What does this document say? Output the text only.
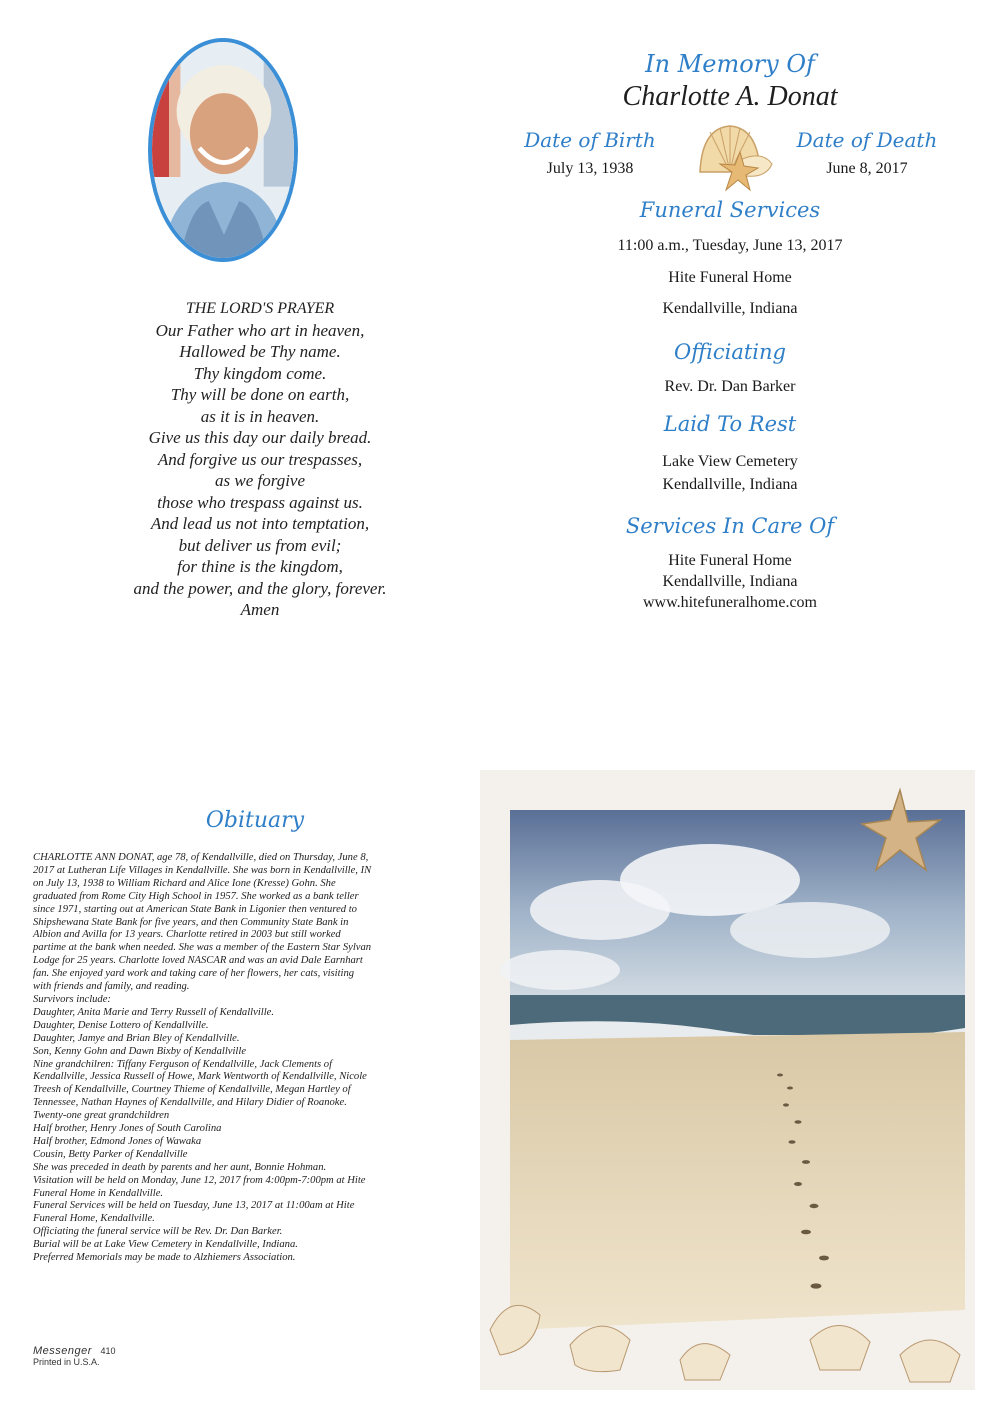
THE LORD'S PRAYER
Our Father who art in heaven,
Hallowed be Thy name.
Thy kingdom come.
Thy will be done on earth,
as it is in heaven.
Give us this day our daily bread.
And forgive us our trespasses,
as we forgive
those who trespass against us.
And lead us not into temptation,
but deliver us from evil;
for thine is the kingdom,
and the power, and the glory, forever.
Amen
In Memory Of
Charlotte A. Donat
Date of Birth
July 13, 1938
Date of Death
June 8, 2017
Funeral Services
11:00 a.m., Tuesday, June 13, 2017
Hite Funeral Home
Kendallville, Indiana
Officiating
Rev. Dr. Dan Barker
Laid To Rest
Lake View Cemetery
Kendallville, Indiana
Services In Care Of
Hite Funeral Home
Kendallville, Indiana
www.hitefuneralhome.com
Obituary
CHARLOTTE ANN DONAT, age 78, of Kendallville, died on Thursday, June 8,
2017 at Lutheran Life Villages in Kendallville. She was born in Kendallville, IN
on July 13, 1938 to William Richard and Alice Ione (Kresse) Gohn. She
graduated from Rome City High School in 1957. She worked as a bank teller
since 1971, starting out at American State Bank in Ligonier then ventured to
Shipshewana State Bank for five years, and then Community State Bank in
Albion and Avilla for 13 years. Charlotte retired in 2003 but still worked
partime at the bank when needed. She was a member of the Eastern Star Sylvan
Lodge for 25 years. Charlotte loved NASCAR and was an avid Dale Earnhart
fan. She enjoyed yard work and taking care of her flowers, her cats, visiting
with friends and family, and reading.
Survivors include:
Daughter, Anita Marie and Terry Russell of Kendallville.
Daughter, Denise Lottero of Kendallville.
Daughter, Jamye and Brian Bley of Kendallville.
Son, Kenny Gohn and Dawn Bixby of Kendallville
Nine grandchilren: Tiffany Ferguson of Kendallville, Jack Clements of
Kendallville, Jessica Russell of Howe, Mark Wentworth of Kendallville, Nicole
Treesh of Kendallville, Courtney Thieme of Kendallville, Megan Hartley of
Tennessee, Nathan Haynes of Kendallville, and Hilary Didier of Roanoke.
Twenty-one great grandchildren
Half brother, Henry Jones of South Carolina
Half brother, Edmond Jones of Wawaka
Cousin, Betty Parker of Kendallville
She was preceded in death by parents and her aunt, Bonnie Hohman.
Visitation will be held on Monday, June 12, 2017 from 4:00pm-7:00pm at Hite
Funeral Home in Kendallville.
Funeral Services will be held on Tuesday, June 13, 2017 at 11:00am at Hite
Funeral Home, Kendallville.
Officiating the funeral service will be Rev. Dr. Dan Barker.
Burial will be at Lake View Cemetery in Kendallville, Indiana.
Preferred Memorials may be made to Alzhiemers Association.
Messenger 410
Printed in U.S.A.
